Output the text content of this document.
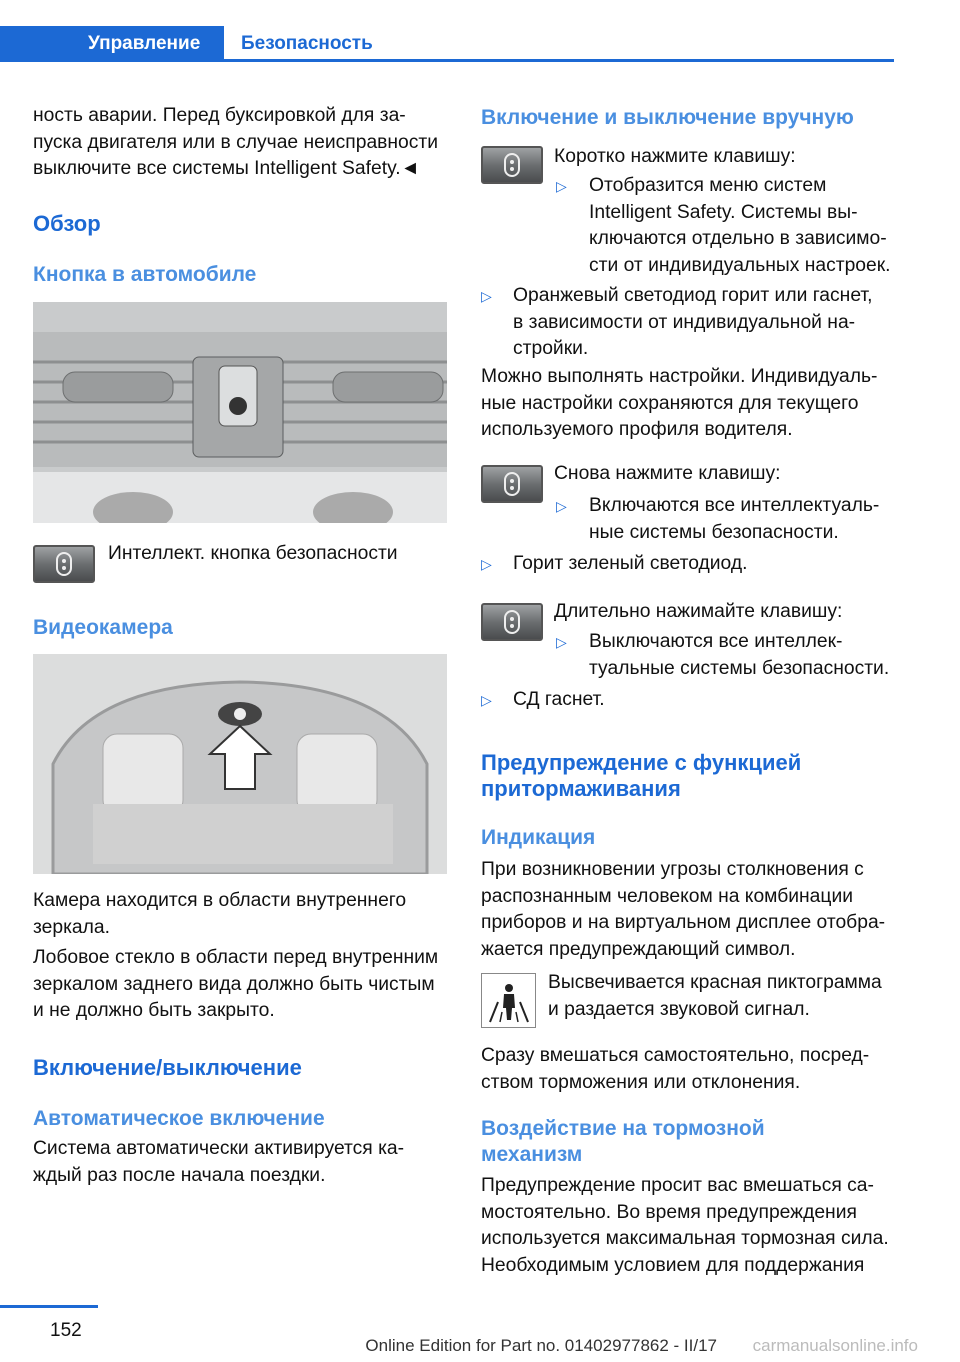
Управление	Безопасность
ность аварии. Перед буксировкой для за-
пуска двигателя или в случае неисправности
выключите все системы Intelligent Safety.◄
Обзор
Кнопка в автомобиле
Интеллект. кнопка безопасности
Видеокамера
Камера находится в области внутреннего
зеркала.
Лобовое стекло в области перед внутренним
зеркалом заднего вида должно быть чистым
и не должно быть закрыто.
Включение/выключение
Автоматическое включение
Система автоматически активируется ка-
ждый раз после начала поездки.
Включение и выключение вручную
Коротко нажмите клавишу:
▷ Отобразится меню систем
Intelligent Safety. Системы вы-
ключаются отдельно в зависимо-
сти от индивидуальных настроек.
▷ Оранжевый светодиод горит или гаснет,
в зависимости от индивидуальной на-
стройки.
Можно выполнять настройки. Индивидуаль-
ные настройки сохраняются для текущего
используемого профиля водителя.
Снова нажмите клавишу:
▷ Включаются все интеллектуаль-
ные системы безопасности.
▷ Горит зеленый светодиод.
Длительно нажимайте клавишу:
▷ Выключаются все интеллек-
туальные системы безопасности.
▷ СД гаснет.
Предупреждение с функцией
притормаживания
Индикация
При возникновении угрозы столкновения с
распознанным человеком на комбинации
приборов и на виртуальном дисплее отобра-
жается предупреждающий символ.
Высвечивается красная пиктограмма
и раздается звуковой сигнал.
Сразу вмешаться самостоятельно, посред-
ством торможения или отклонения.
Воздействие на тормозной
механизм
Предупреждение просит вас вмешаться са-
мостоятельно. Во время предупреждения
используется максимальная тормозная сила.
Необходимым условием для поддержания
152
Online Edition for Part no. 01402977862 - II/17 carmanualsonline.info
